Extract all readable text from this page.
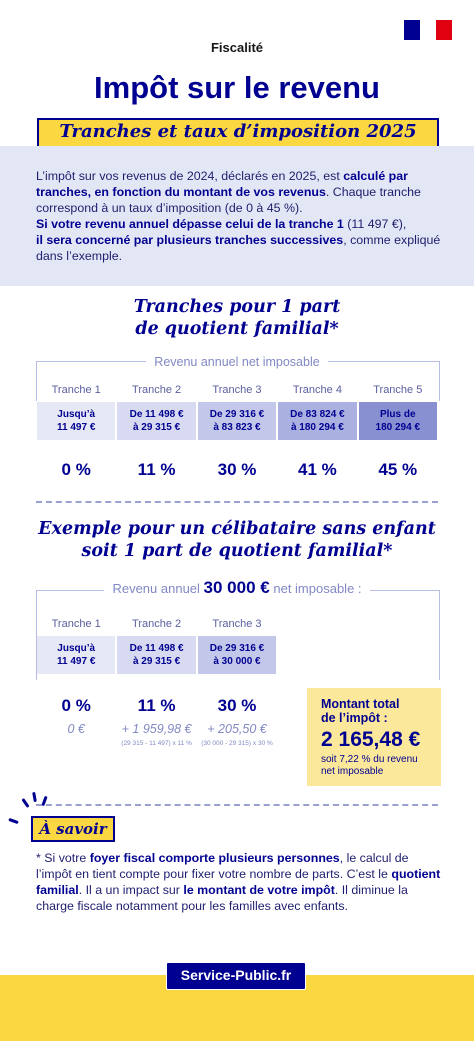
Fiscalité
Impôt sur le revenu
Tranches et taux d’imposition 2025
L’impôt sur vos revenus de 2024, déclarés en 2025, est calculé par tranches, en fonction du montant de vos revenus. Chaque tranche correspond à un taux d’imposition (de 0 à 45 %).
Si votre revenu annuel dépasse celui de la tranche 1 (11 497 €),
il sera concerné par plusieurs tranches successives, comme expliqué dans l’exemple.
Tranches pour 1 part
de quotient familial*
Revenu annuel net imposable
Tranche 1
Jusqu’à
11 497 €
0 %
Tranche 2
De 11 498 €
à 29 315 €
11 %
Tranche 3
De 29 316 €
à 83 823 €
30 %
Tranche 4
De 83 824 €
à 180 294 €
41 %
Tranche 5
Plus de
180 294 €
45 %
Exemple pour un célibataire sans enfant
soit 1 part de quotient familial*
Revenu annuel 30 000 € net imposable :
Tranche 1
Jusqu’à
11 497 €
0 %
0 €
Tranche 2
De 11 498 €
à 29 315 €
11 %
+ 1 959,98 €
(29 315 - 11 497) x 11 %
Tranche 3
De 29 316 €
à 30 000 €
30 %
+ 205,50 €
(30 000 - 29 315) x 30 %
Montant total
de l’impôt :
2 165,48 €
soit 7,22 % du revenu
net imposable
À savoir
* Si votre foyer fiscal comporte plusieurs personnes, le calcul de l’impôt en tient compte pour fixer votre nombre de parts. C’est le quotient familial. Il a un impact sur le montant de votre impôt. Il diminue la charge fiscale notamment pour les familles avec enfants.
Service-Public.fr
